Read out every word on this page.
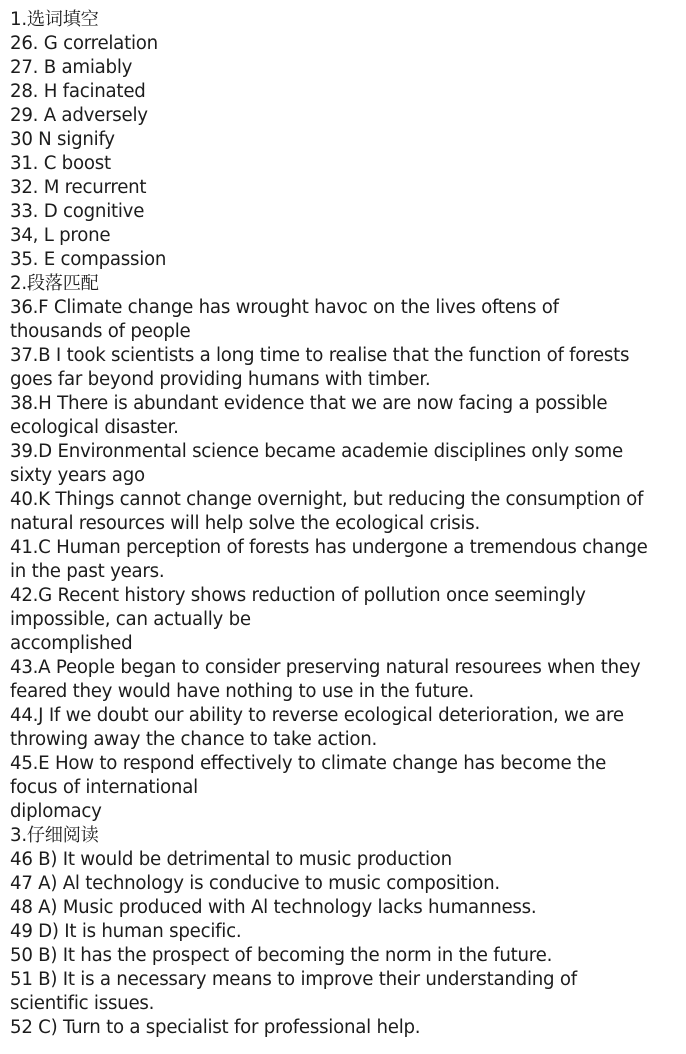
1.选词填空
26. G correlation
27. B amiably
28. H facinated
29. A adversely
30 N signify
31. C boost
32. M recurrent
33. D cognitive
34, L prone
35. E compassion
2.段落匹配
36.F Climate change has wrought havoc on the lives oftens of
thousands of people
37.B I took scientists a long time to realise that the function of forests
goes far beyond providing humans with timber.
38.H There is abundant evidence that we are now facing a possible
ecological disaster.
39.D Environmental science became academie disciplines only some
sixty years ago
40.K Things cannot change overnight, but reducing the consumption of
natural resources will help solve the ecological crisis.
41.C Human perception of forests has undergone a tremendous change
in the past years.
42.G Recent history shows reduction of pollution once seemingly
impossible, can actually be
accomplished
43.A People began to consider preserving natural resourees when they
feared they would have nothing to use in the future.
44.J If we doubt our ability to reverse ecological deterioration, we are
throwing away the chance to take action.
45.E How to respond effectively to climate change has become the
focus of international
diplomacy
3.仔细阅读
46 B) It would be detrimental to music production
47 A) Al technology is conducive to music composition.
48 A) Music produced with Al technology lacks humanness.
49 D) It is human specific.
50 B) It has the prospect of becoming the norm in the future.
51 B) It is a necessary means to improve their understanding of
scientific issues.
52 C) Turn to a specialist for professional help.
